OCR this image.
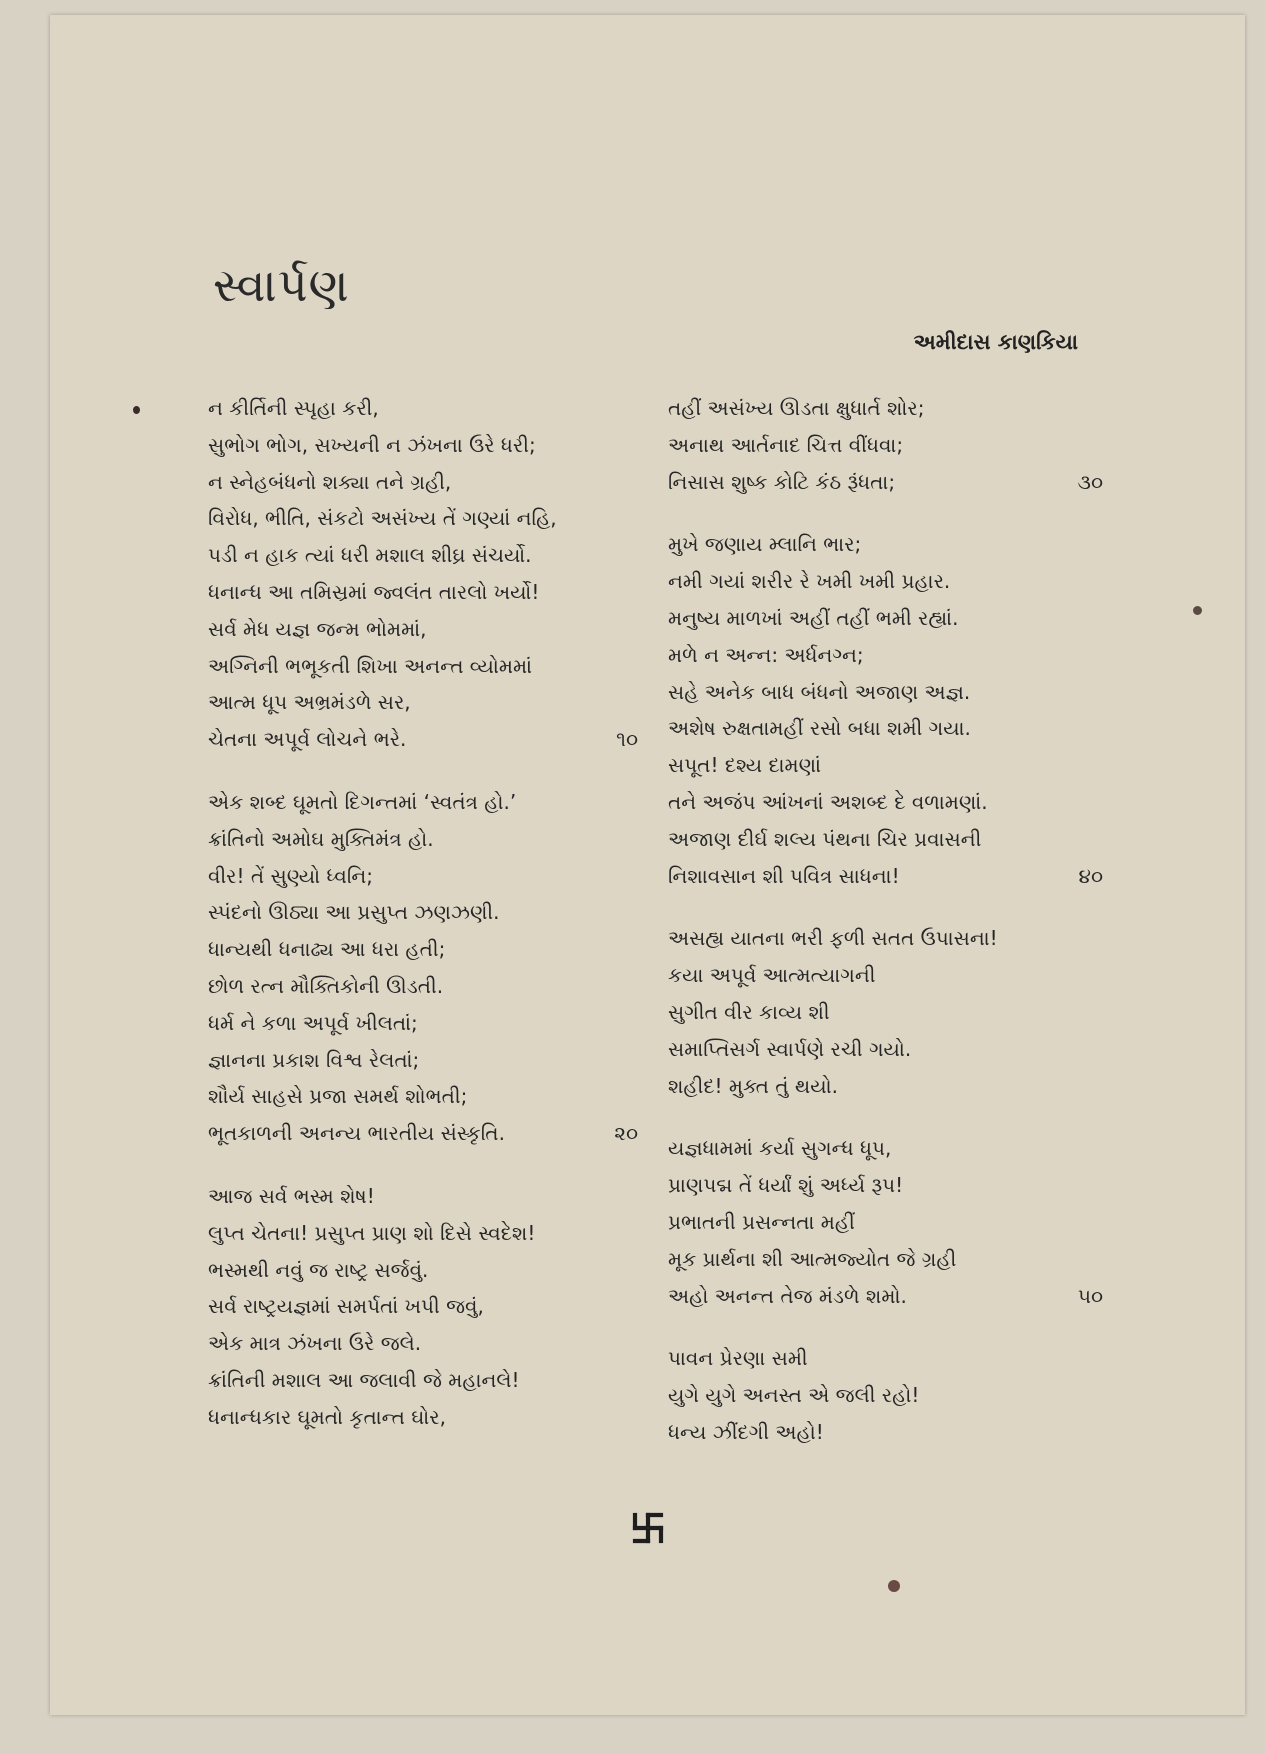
સ્વાર્પણ
અમીદાસ કાણકિયા
ન કીર્તિની સ્પૃહા કરી,
સુભોગ ભોગ, સખ્યની ન ઝંખના ઉરે ધરી;
ન સ્નેહબંધનો શક્યા તને ગ્રહી,
વિરોધ, ભીતિ, સંકટો અસંખ્ય તેં ગણ્યાં નહિ,
પડી ન હાક ત્યાં ધરી મશાલ શીઘ્ર સંચર્યો.
ધનાન્ધ આ તમિસ્રમાં જ્વલંત તારલો ખર્યો!
સર્વ મેધ યજ્ઞ જન્મ ભોમમાં,
અગ્નિની ભભૂકતી શિખા અનન્ત વ્યોમમાં
આત્મ ધૂપ અભ્રમંડળે સર,
ચેતના અપૂર્વ લોચને ભરે.	૧૦
એક શબ્દ ઘૂમતો દિગન્તમાં ‘સ્વતંત્ર હો.’
ક્રાંતિનો અમોઘ મુક્તિમંત્ર હો.
વીર! તેં સુણ્યો ધ્વનિ;
સ્પંદનો ઊઠ્યા આ પ્રસુપ્ત ઝણઝણી.
ધાન્યથી ધનાઢ્ય આ ધરા હતી;
છોળ રત્ન મૌક્તિકોની ઊડતી.
ધર્મ ને કળા અપૂર્વ ખીલતાં;
જ્ઞાનના પ્રકાશ વિશ્વ રેલતાં;
શૌર્ય સાહસે પ્રજા સમર્થ શોભતી;
ભૂતકાળની અનન્ય ભારતીય સંસ્કૃતિ.	૨૦
આજ સર્વ ભસ્મ શેષ!
લુપ્ત ચેતના! પ્રસુપ્ત પ્રાણ શો દિસે સ્વદેશ!
ભસ્મથી નવું જ રાષ્ટ્ર સર્જવું.
સર્વ રાષ્ટ્રયજ્ઞમાં સમર્પતાં ખપી જવું,
એક માત્ર ઝંખના ઉરે જલે.
ક્રાંતિની મશાલ આ જલાવી જે મહાનલે!
ધનાન્ધકાર ઘૂમતો કૃતાન્ત ઘોર,
તહીં અસંખ્ય ઊડતા ક્ષુધાર્ત શોર;
અનાથ આર્તનાદ ચિત્ત વીંધવા;
નિસાસ શુષ્ક કોટિ કંઠ રૂંધતા;	૩૦
મુખે જણાય મ્લાનિ ભાર;
નમી ગયાં શરીર રે ખમી ખમી પ્રહાર.
મનુષ્ય માળખાં અહીં તહીં ભમી રહ્યાં.
મળે ન અન્ન: અર્ધનગ્ન;
સહે અનેક બાધ બંધનો અજાણ અજ્ઞ.
અશેષ રુક્ષતામહીં રસો બધા શમી ગયા.
સપૂત! દશ્ય દામણાં
તને અજંપ આંખનાં અશબ્દ દે વળામણાં.
અજાણ દીર્ઘ શલ્ય પંથના ચિર પ્રવાસની
નિશાવસાન શી પવિત્ર સાધના!	૪૦
અસહ્ય યાતના ભરી ફળી સતત ઉપાસના!
કયા અપૂર્વ આત્મત્યાગની
સુગીત વીર કાવ્ય શી
સમાપ્તિસર્ગ સ્વાર્પણે રચી ગયો.
શહીદ! મુક્ત તું થયો.
યજ્ઞધામમાં કર્યા સુગન્ધ ધૂપ,
પ્રાણપદ્મ તેં ધર્યાં શું અર્ધ્ય રૂપ!
પ્રભાતની પ્રસન્નતા મહીં
મૂક પ્રાર્થના શી આત્મજ્યોત જે ગ્રહી
અહો અનન્ત તેજ મંડળે શમો.	૫૦
પાવન પ્રેરણા સમી
યુગે યુગે અનસ્ત એ જલી રહો!
ધન્ય ઝીંદગી અહો!
